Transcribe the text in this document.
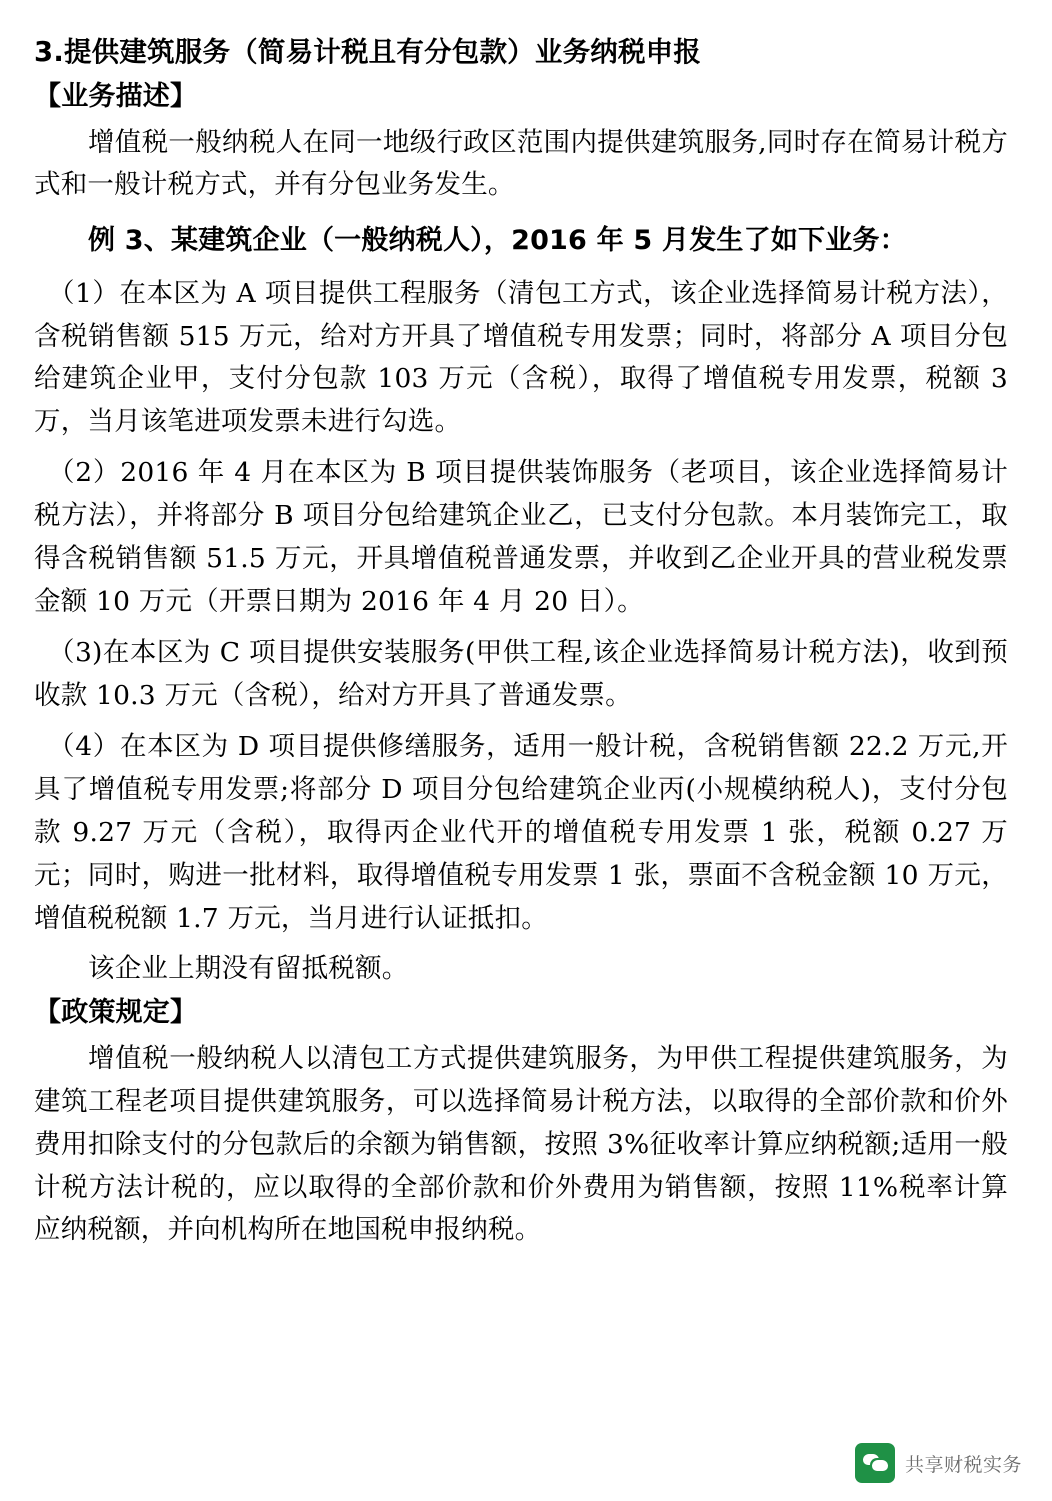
3.提供建筑服务（简易计税且有分包款）业务纳税申报
【业务描述】

增值税一般纳税人在同一地级行政区范围内提供建筑服务,同时存在简易计税方式和一般计税方式，并有分包业务发生。

例 3、某建筑企业（一般纳税人），2016 年 5 月发生了如下业务：

（1）在本区为 A 项目提供工程服务（清包工方式，该企业选择简易计税方法），含税销售额 515 万元，给对方开具了增值税专用发票；同时，将部分 A 项目分包给建筑企业甲，支付分包款 103 万元（含税），取得了增值税专用发票，税额 3 万，当月该笔进项发票未进行勾选。

（2）2016 年 4 月在本区为 B 项目提供装饰服务（老项目，该企业选择简易计税方法），并将部分 B 项目分包给建筑企业乙，已支付分包款。本月装饰完工，取得含税销售额 51.5 万元，开具增值税普通发票，并收到乙企业开具的营业税发票金额 10 万元（开票日期为 2016 年 4 月 20 日）。

（3)在本区为 C 项目提供安装服务(甲供工程,该企业选择简易计税方法)，收到预收款 10.3 万元（含税），给对方开具了普通发票。

（4）在本区为 D 项目提供修缮服务，适用一般计税，含税销售额 22.2 万元,开具了增值税专用发票;将部分 D 项目分包给建筑企业丙(小规模纳税人)，支付分包款 9.27 万元（含税），取得丙企业代开的增值税专用发票 1 张，税额 0.27 万元；同时，购进一批材料，取得增值税专用发票 1 张，票面不含税金额 10 万元，增值税税额 1.7 万元，当月进行认证抵扣。

该企业上期没有留抵税额。

【政策规定】

增值税一般纳税人以清包工方式提供建筑服务，为甲供工程提供建筑服务，为建筑工程老项目提供建筑服务，可以选择简易计税方法，以取得的全部价款和价外费用扣除支付的分包款后的余额为销售额，按照 3%征收率计算应纳税额;适用一般计税方法计税的，应以取得的全部价款和价外费用为销售额，按照 11%税率计算应纳税额，并向机构所在地国税申报纳税。

共享财税实务
